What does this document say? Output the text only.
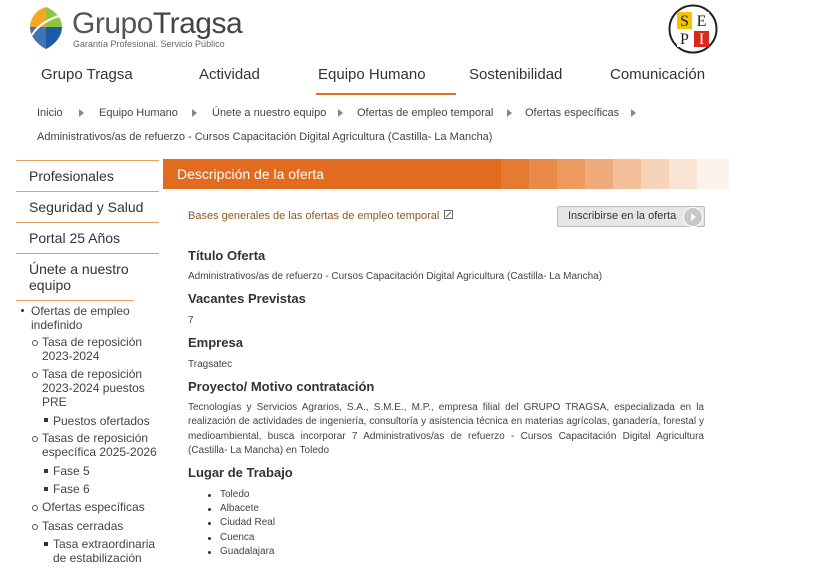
GrupoTragsa
Garantía Profesional. Servicio Público
S E
P I
Grupo Tragsa	Actividad	Equipo Humano	Sostenibilidad	Comunicación
Inicio	Equipo Humano	Únete a nuestro equipo	Ofertas de empleo temporal	Ofertas específicas
Administrativos/as de refuerzo - Cursos Capacitación Digital Agricultura (Castilla- La Mancha)
Profesionales
Seguridad y Salud
Portal 25 Años
Únete a nuestro equipo
Ofertas de empleo indefinido
Tasa de reposición 2023-2024
Tasa de reposición 2023-2024 puestos PRE
Puestos ofertados
Tasas de reposición específica 2025-2026
Fase 5
Fase 6
Ofertas específicas
Tasas cerradas
Tasa extraordinaria de estabilización
Descripción de la oferta
Bases generales de las ofertas de empleo temporal	Inscribirse en la oferta
Título Oferta
Administrativos/as de refuerzo - Cursos Capacitación Digital Agricultura (Castilla- La Mancha)
Vacantes Previstas
7
Empresa
Tragsatec
Proyecto/ Motivo contratación
Tecnologías y Servicios Agrarios, S.A., S.M.E., M.P., empresa filial del GRUPO TRAGSA, especializada en la realización de actividades de ingeniería, consultoría y asistencia técnica en materias agrícolas, ganadería, forestal y medioambiental, busca incorporar 7 Administrativos/as de refuerzo - Cursos Capacitación Digital Agricultura (Castilla- La Mancha) en Toledo
Lugar de Trabajo
Toledo
Albacete
Ciudad Real
Cuenca
Guadalajara
